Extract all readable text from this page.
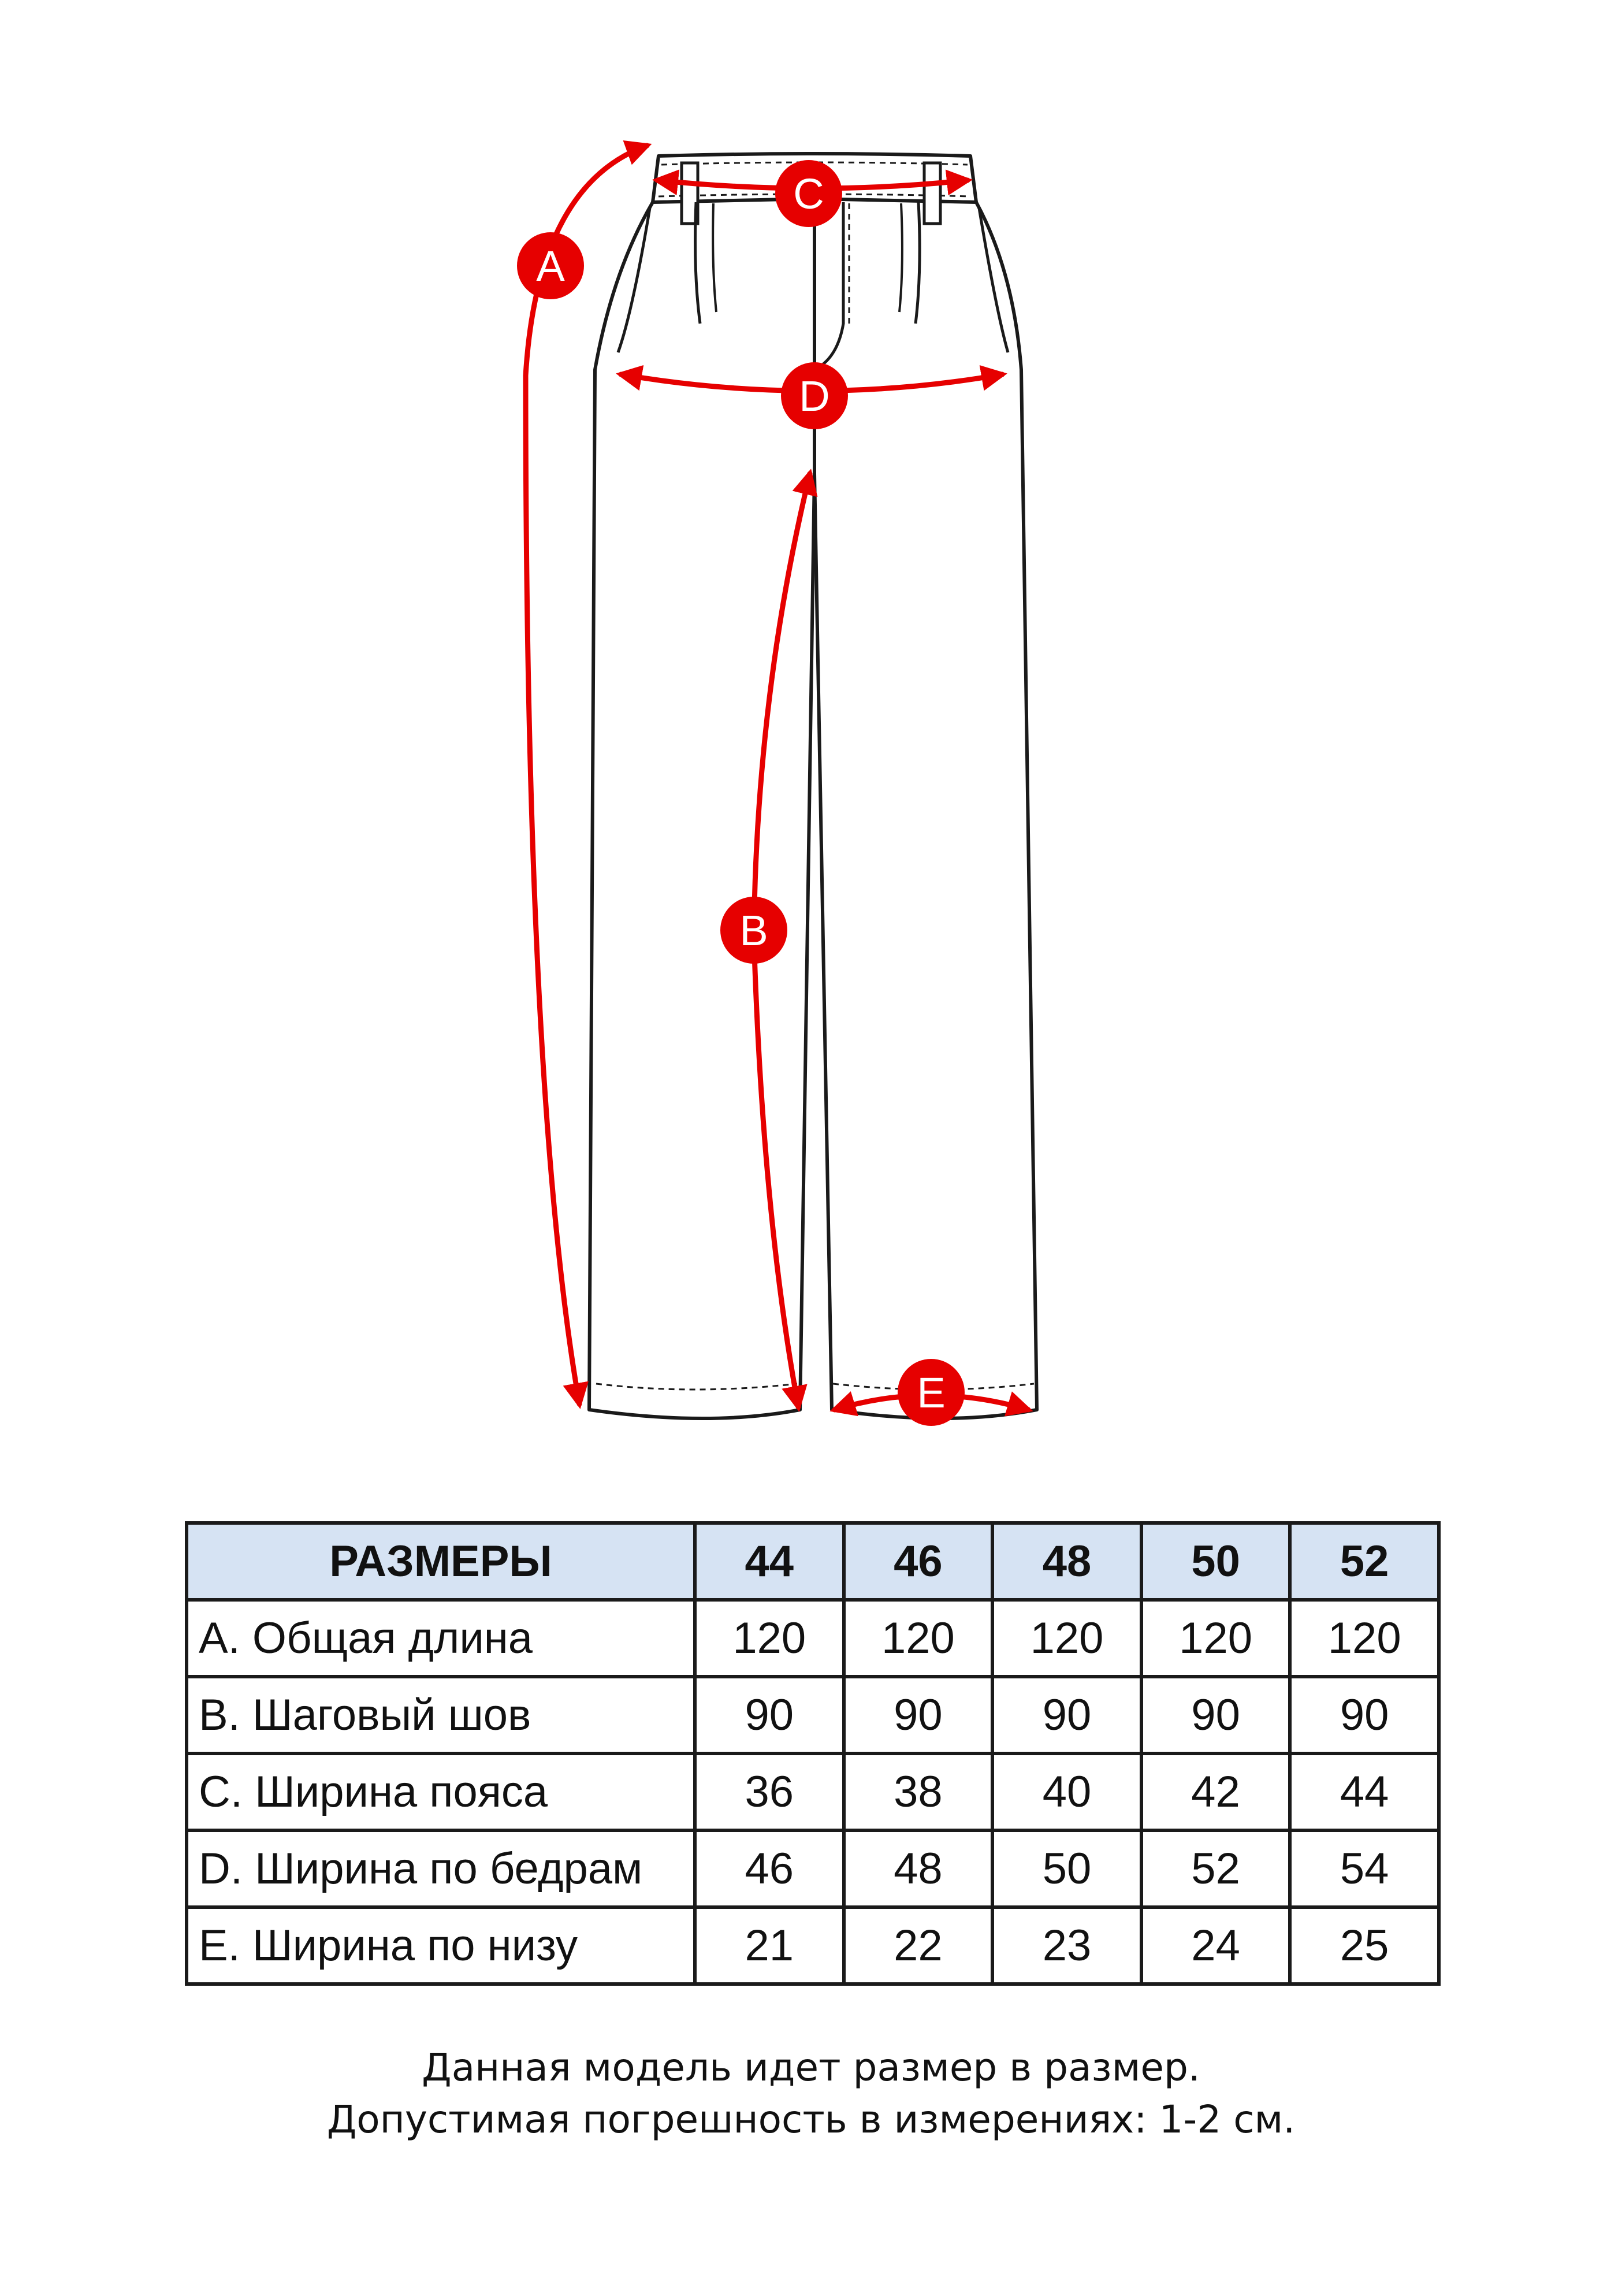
A
B
C
D
E
РАЗМЕРЫ	44	46	48	50	52
A. Общая длина	120	120	120	120	120
B. Шаговый шов	90	90	90	90	90
C. Ширина пояса	36	38	40	42	44
D. Ширина по бедрам	46	48	50	52	54
E. Ширина по низу	21	22	23	24	25

Данная модель идет размер в размер.

Допустимая погрешность в измерениях: 1-2 см.
